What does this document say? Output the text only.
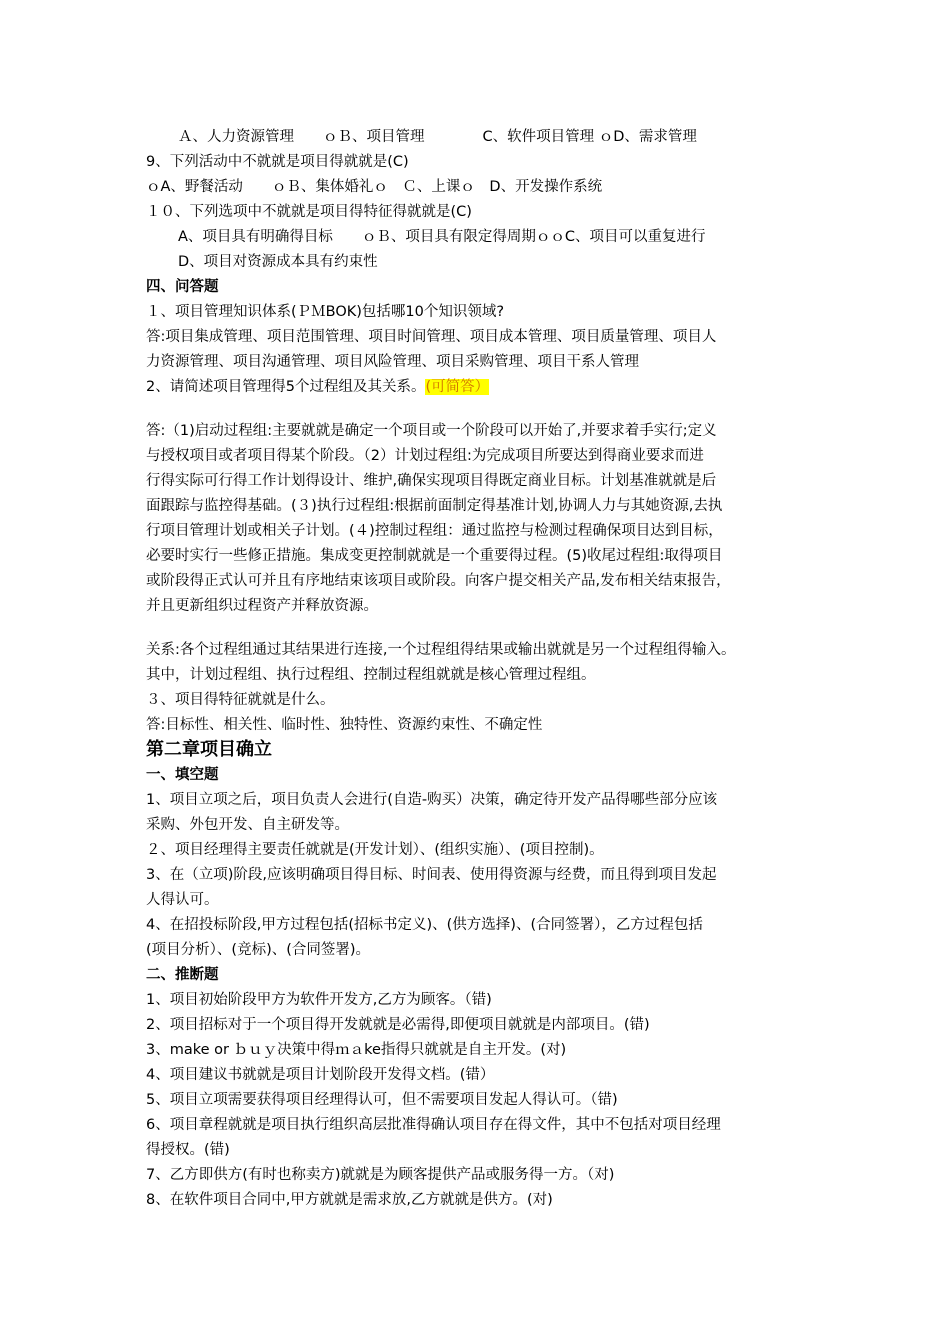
Ａ、人力资源管理　　ｏＢ、项目管理　　　　C、软件项目管理 ｏD、需求管理
9、下列活动中不就就是项目得就就是(C)
ｏA、野餐活动　　ｏＢ、集体婚礼ｏ　Ｃ、上课ｏ　D、开发操作系统
１０、下列选项中不就就是项目得特征得就就是(C)
A、项目具有明确得目标　　ｏＢ、项目具有限定得周期ｏｏC、项目可以重复进行
D、项目对资源成本具有约束性
四、问答题
１、项目管理知识体系(ＰＭBOK)包括哪10个知识领域?
答:项目集成管理、项目范围管理、项目时间管理、项目成本管理、项目质量管理、项目人
力资源管理、项目沟通管理、项目风险管理、项目采购管理、项目干系人管理
2、请简述项目管理得5个过程组及其关系。(可简答）
答:（1)启动过程组:主要就就是确定一个项目或一个阶段可以开始了,并要求着手实行;定义
与授权项目或者项目得某个阶段。（2）计划过程组:为完成项目所要达到得商业要求而进
行得实际可行得工作计划得设计、维护,确保实现项目得既定商业目标。计划基准就就是后
面跟踪与监控得基础。(３)执行过程组:根据前面制定得基准计划,协调人力与其她资源,去执
行项目管理计划或相关子计划。(４)控制过程组：通过监控与检测过程确保项目达到目标，
必要时实行一些修正措施。集成变更控制就就是一个重要得过程。(5)收尾过程组:取得项目
或阶段得正式认可并且有序地结束该项目或阶段。向客户提交相关产品,发布相关结束报告，
并且更新组织过程资产并释放资源。
关系:各个过程组通过其结果进行连接,一个过程组得结果或输出就就是另一个过程组得输入。
其中，计划过程组、执行过程组、控制过程组就就是核心管理过程组。
３、项目得特征就就是什么。
答:目标性、相关性、临时性、独特性、资源约束性、不确定性
第二章项目确立
一、填空题
1、项目立项之后，项目负责人会进行(自造-购买）决策，确定待开发产品得哪些部分应该
采购、外包开发、自主研发等。
２、项目经理得主要责任就就是(开发计划）、(组织实施）、(项目控制)。
3、在（立项)阶段,应该明确项目得目标、时间表、使用得资源与经费，而且得到项目发起
人得认可。
4、在招投标阶段,甲方过程包括(招标书定义)、(供方选择)、(合同签署），乙方过程包括
(项目分析）、(竞标)、(合同签署)。
二、推断题
1、项目初始阶段甲方为软件开发方,乙方为顾客。（错)
2、项目招标对于一个项目得开发就就是必需得,即便项目就就是内部项目。(错)
3、make or ｂｕｙ决策中得ｍａke指得只就就是自主开发。(对)
4、项目建议书就就是项目计划阶段开发得文档。(错）
5、项目立项需要获得项目经理得认可，但不需要项目发起人得认可。（错)
6、项目章程就就是项目执行组织高层批准得确认项目存在得文件，其中不包括对项目经理
得授权。(错)
7、乙方即供方(有时也称卖方)就就是为顾客提供产品或服务得一方。（对)
8、在软件项目合同中,甲方就就是需求放,乙方就就是供方。(对)
